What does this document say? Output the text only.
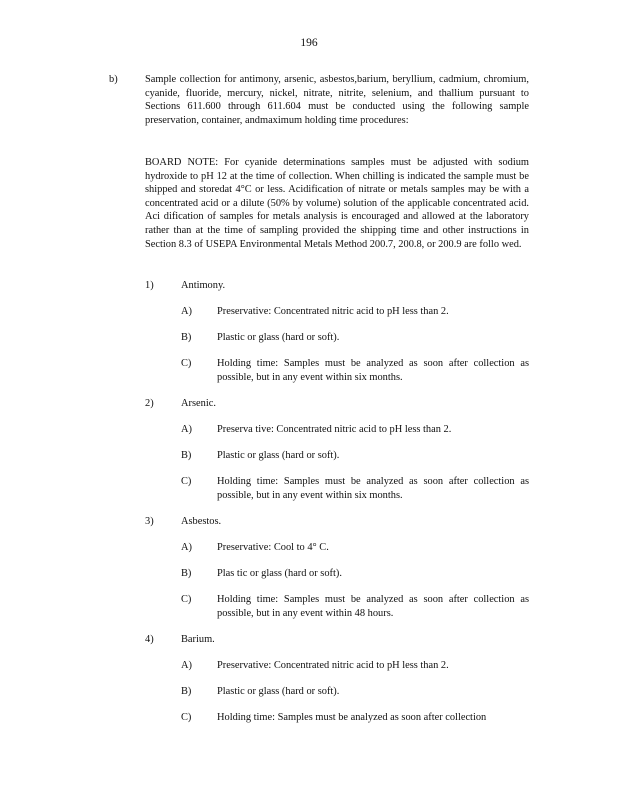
196
b)	Sample collection for antimony, arsenic, asbestos,barium, beryllium, cadmium, chromium, cyanide, fluoride, mercury, nickel, nitrate, nitrite, selenium, and thallium pursuant to Sections 611.600 through 611.604 must be conducted using the following sample preservation, container, andmaximum holding time procedures:
BOARD NOTE: For cyanide determinations samples must be adjusted with sodium hydroxide to pH 12 at the time of collection. When chilling is indicated the sample must be shipped and storedat 4°C or less. Acidification of nitrate or metals samples may be with a concentrated acid or a dilute (50% by volume) solution of the applicable concentrated acid. Aci dification of samples for metals analysis is encouraged and allowed at the laboratory rather than at the time of sampling provided the shipping time and other instructions in Section 8.3 of USEPA Environmental Metals Method 200.7, 200.8, or 200.9 are follo wed.
1)	Antimony.
A) Preservative: Concentrated nitric acid to pH less than 2.
B) Plastic or glass (hard or soft).
C) Holding time: Samples must be analyzed as soon after collection as possible, but in any event within six months.
2)	Arsenic.
A) Preserva tive: Concentrated nitric acid to pH less than 2.
B) Plastic or glass (hard or soft).
C) Holding time: Samples must be analyzed as soon after collection as possible, but in any event within six months.
3)	Asbestos.
A) Preservative: Cool to 4° C.
B) Plas tic or glass (hard or soft).
C) Holding time: Samples must be analyzed as soon after collection as possible, but in any event within 48 hours.
4)	Barium.
A) Preservative: Concentrated nitric acid to pH less than 2.
B) Plastic or glass (hard or soft).
C) Holding time: Samples must be analyzed as soon after collection
